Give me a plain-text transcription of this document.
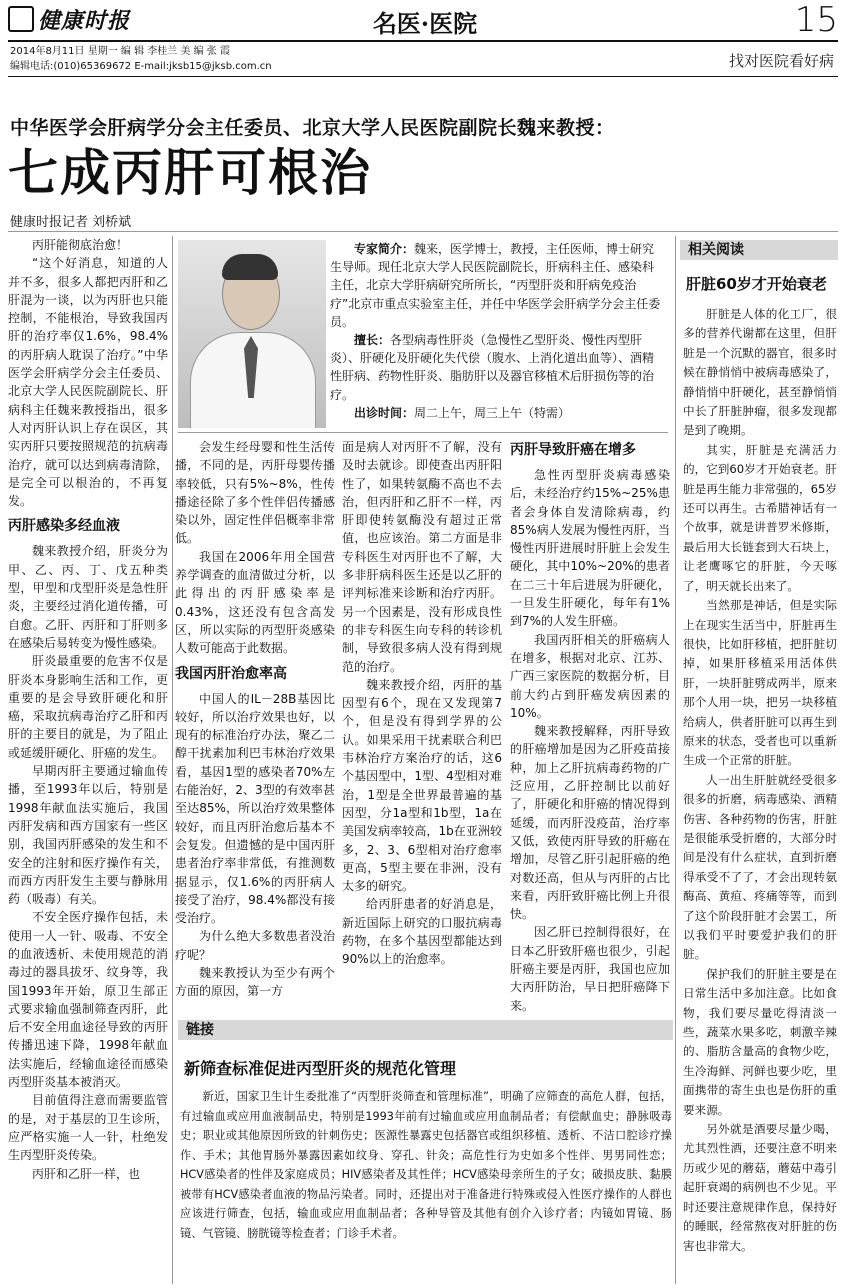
健康时报	名医·医院	15
2014年8月11日 星期一 编 辑 李桂兰 美 编 张 霞
编辑电话:(010)65369672 E-mail:jksb15@jksb.com.cn	找对医院看好病
中华医学会肝病学分会主任委员、北京大学人民医院副院长魏来教授：
七成丙肝可根治
健康时报记者 刘桥斌

丙肝能彻底治愈！

“这个好消息，知道的人并不多，很多人都把丙肝和乙肝混为一谈，以为丙肝也只能控制，不能根治，导致我国丙肝的治疗率仅1.6%，98.4%的丙肝病人耽误了治疗。”中华医学会肝病学分会主任委员、北京大学人民医院副院长、肝病科主任魏来教授指出，很多人对丙肝认识上存在误区，其实丙肝只要按照规范的抗病毒治疗，就可以达到病毒清除，是完全可以根治的，不再复发。

丙肝感染多经血液

魏来教授介绍，肝炎分为甲、乙、丙、丁、戊五种类型，甲型和戊型肝炎是急性肝炎，主要经过消化道传播，可自愈。乙肝、丙肝和丁肝则多在感染后易转变为慢性感染。

肝炎最重要的危害不仅是肝炎本身影响生活和工作，更重要的是会导致肝硬化和肝癌，采取抗病毒治疗乙肝和丙肝的主要目的就是，为了阻止或延缓肝硬化、肝癌的发生。

早期丙肝主要通过输血传播，至1993年以后，特别是1998年献血法实施后，我国丙肝发病和西方国家有一些区别，我国丙肝感染的发生和不安全的注射和医疗操作有关，而西方丙肝发生主要与静脉用药（吸毒）有关。

不安全医疗操作包括，未使用一人一针、吸毒、不安全的血液透析、未使用规范的消毒过的器具拔牙、纹身等，我国1993年开始，原卫生部正式要求输血强制筛查丙肝，此后不安全用血途径导致的丙肝传播迅速下降，1998年献血法实施后，经输血途径而感染丙型肝炎基本被消灭。

目前值得注意而需要监管的是，对于基层的卫生诊所，应严格实施一人一针，杜绝发生丙型肝炎传染。

丙肝和乙肝一样，也

专家简介：魏来，医学博士，教授，主任医师，博士研究生导师。现任北京大学人民医院副院长，肝病科主任、感染科主任，北京大学肝病研究所所长，“丙型肝炎和肝病免疫治疗”北京市重点实验室主任，并任中华医学会肝病学分会主任委员。

擅长：各型病毒性肝炎（急慢性乙型肝炎、慢性丙型肝炎）、肝硬化及肝硬化失代偿（腹水、上消化道出血等）、酒精性肝病、药物性肝炎、脂肪肝以及器官移植术后肝损伤等的治疗。

出诊时间：周二上午，周三上午（特需）

会发生经母婴和性生活传播，不同的是，丙肝母婴传播率较低，只有5%~8%，性传播途径除了多个性伴侣传播感染以外，固定性伴侣概率非常低。

我国在2006年用全国营养学调查的血清做过分析，以此得出的丙肝感染率是0.43%，这还没有包含高发区，所以实际的丙型肝炎感染人数可能高于此数据。

我国丙肝治愈率高

中国人的IL－28B基因比较好，所以治疗效果也好，以现有的标准治疗办法，聚乙二醇干扰素加利巴韦林治疗效果看，基因1型的感染者70%左右能治好，2、3型的有效率甚至达85%，所以治疗效果整体较好，而且丙肝治愈后基本不会复发。但遗憾的是中国丙肝患者治疗率非常低，有推测数据显示，仅1.6%的丙肝病人接受了治疗，98.4%都没有接受治疗。

为什么绝大多数患者没治疗呢？

魏来教授认为至少有两个方面的原因，第一方

面是病人对丙肝不了解，没有及时去就诊。即使查出丙肝阳性了，如果转氨酶不高也不去治，但丙肝和乙肝不一样，丙肝即使转氨酶没有超过正常值，也应该治。第二方面是非专科医生对丙肝也不了解，大多非肝病科医生还是以乙肝的评判标准来诊断和治疗丙肝。另一个因素是，没有形成良性的非专科医生向专科的转诊机制，导致很多病人没有得到规范的治疗。

魏来教授介绍，丙肝的基因型有6个，现在又发现第7个，但是没有得到学界的公认。如果采用干扰素联合利巴韦林治疗方案治疗的话，这6个基因型中，1型、4型相对难治，1型是全世界最普遍的基因型，分1a型和1b型，1a在美国发病率较高，1b在亚洲较多，2、3、6型相对治疗愈率更高，5型主要在非洲，没有太多的研究。

给丙肝患者的好消息是，新近国际上研究的口服抗病毒药物，在多个基因型都能达到90%以上的治愈率。

丙肝导致肝癌在增多

急性丙型肝炎病毒感染后，未经治疗约15%~25%患者会身体自发清除病毒，约85%病人发展为慢性丙肝，当慢性丙肝进展时肝脏上会发生硬化，其中10%~20%的患者在二三十年后进展为肝硬化，一旦发生肝硬化，每年有1%到7%的人发生肝癌。

我国丙肝相关的肝癌病人在增多，根据对北京、江苏、广西三家医院的数据分析，目前大约占到肝癌发病因素的10%。

魏来教授解释，丙肝导致的肝癌增加是因为乙肝疫苗接种，加上乙肝抗病毒药物的广泛应用，乙肝控制比以前好了，肝硬化和肝癌的情况得到延缓，而丙肝没疫苗，治疗率又低，致使丙肝导致的肝癌在增加，尽管乙肝引起肝癌的绝对数还高，但从与丙肝的占比来看，丙肝致肝癌比例上升很快。

因乙肝已控制得很好，在日本乙肝致肝癌也很少，引起肝癌主要是丙肝，我国也应加大丙肝防治，早日把肝癌降下来。

相关阅读
肝脏60岁才开始衰老

肝脏是人体的化工厂，很多的营养代谢都在这里，但肝脏是一个沉默的器官，很多时候在静悄悄中被病毒感染了，静悄悄中肝硬化，甚至静悄悄中长了肝脏肿瘤，很多发现都是到了晚期。

其实，肝脏是充满活力的，它到60岁才开始衰老。肝脏是再生能力非常强的，65岁还可以再生。古希腊神话有一个故事，就是讲普罗米修斯，最后用大长链套到大石块上，让老鹰啄它的肝脏，今天啄了，明天就长出来了。

当然那是神话，但是实际上在现实生活当中，肝脏再生很快，比如肝移植，把肝脏切掉，如果肝移植采用活体供肝，一块肝脏劈成两半，原来那个人用一块，把另一块移植给病人，供者肝脏可以再生到原来的状态，受者也可以重新生成一个正常的肝脏。

人一出生肝脏就经受很多很多的折磨，病毒感染、酒精伤害、各种药物的伤害，肝脏是很能承受折磨的，大部分时间是没有什么症状，直到折磨得承受不了了，才会出现转氨酶高、黄疸、疼痛等等，而到了这个阶段肝脏才会罢工，所以我们平时要爱护我们的肝脏。

保护我们的肝脏主要是在日常生活中多加注意。比如食物，我们要尽量吃得清淡一些，蔬菜水果多吃，刺激辛辣的、脂肪含量高的食物少吃，生冷海鲜、河鲜也要少吃，里面携带的寄生虫也是伤肝的重要来源。

另外就是酒要尽量少喝，尤其烈性酒，还要注意不明来历或少见的蘑菇，蘑菇中毒引起肝衰竭的病例也不少见。平时还要注意规律作息，保持好的睡眠，经常熬夜对肝脏的伤害也非常大。

链接
新筛查标准促进丙型肝炎的规范化管理

新近，国家卫生计生委批准了“丙型肝炎筛查和管理标准”，明确了应筛查的高危人群，包括，有过输血或应用血液制品史，特别是1993年前有过输血或应用血制品者；有偿献血史；静脉吸毒史；职业或其他原因所致的针刺伤史；医源性暴露史包括器官或组织移植、透析、不洁口腔诊疗操作、手术；其他胃肠外暴露因素如纹身、穿孔、针灸；高危性行为史如多个性伴、男男同性恋；HCV感染者的性伴及家庭成员；HIV感染者及其性伴；HCV感染母亲所生的子女；破损皮肤、黏膜被带有HCV感染者血液的物品污染者。同时，还提出对于准备进行特殊或侵入性医疗操作的人群也应该进行筛查，包括，输血或应用血制品者；各种导管及其他有创介入诊疗者；内镜如胃镜、肠镜、气管镜、膀胱镜等检查者；门诊手术者。
